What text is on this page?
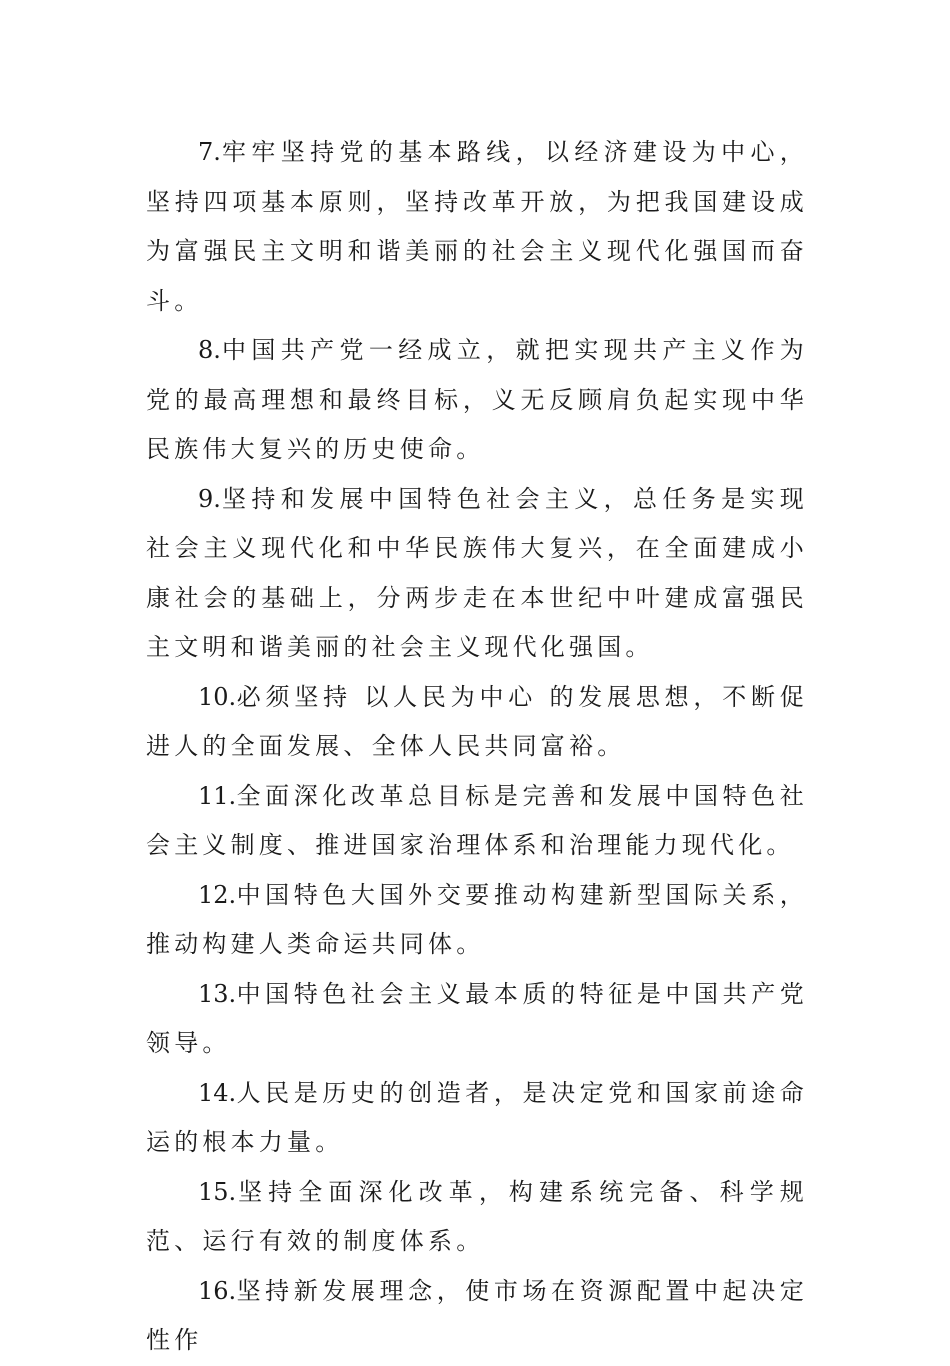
7.牢牢坚持党的基本路线，以经济建设为中心，坚持四项基本原则，坚持改革开放，为把我国建设成为富强民主文明和谐美丽的社会主义现代化强国而奋斗。

8.中国共产党一经成立，就把实现共产主义作为党的最高理想和最终目标，义无反顾肩负起实现中华民族伟大复兴的历史使命。

9.坚持和发展中国特色社会主义，总任务是实现社会主义现代化和中华民族伟大复兴，在全面建成小康社会的基础上，分两步走在本世纪中叶建成富强民主文明和谐美丽的社会主义现代化强国。

10.必须坚持 以人民为中心 的发展思想，不断促进人的全面发展、全体人民共同富裕。

11.全面深化改革总目标是完善和发展中国特色社会主义制度、推进国家治理体系和治理能力现代化。

12.中国特色大国外交要推动构建新型国际关系，推动构建人类命运共同体。

13.中国特色社会主义最本质的特征是中国共产党领导。

14.人民是历史的创造者，是决定党和国家前途命运的根本力量。

15.坚持全面深化改革，构建系统完备、科学规范、运行有效的制度体系。

16.坚持新发展理念，使市场在资源配置中起决定性作
